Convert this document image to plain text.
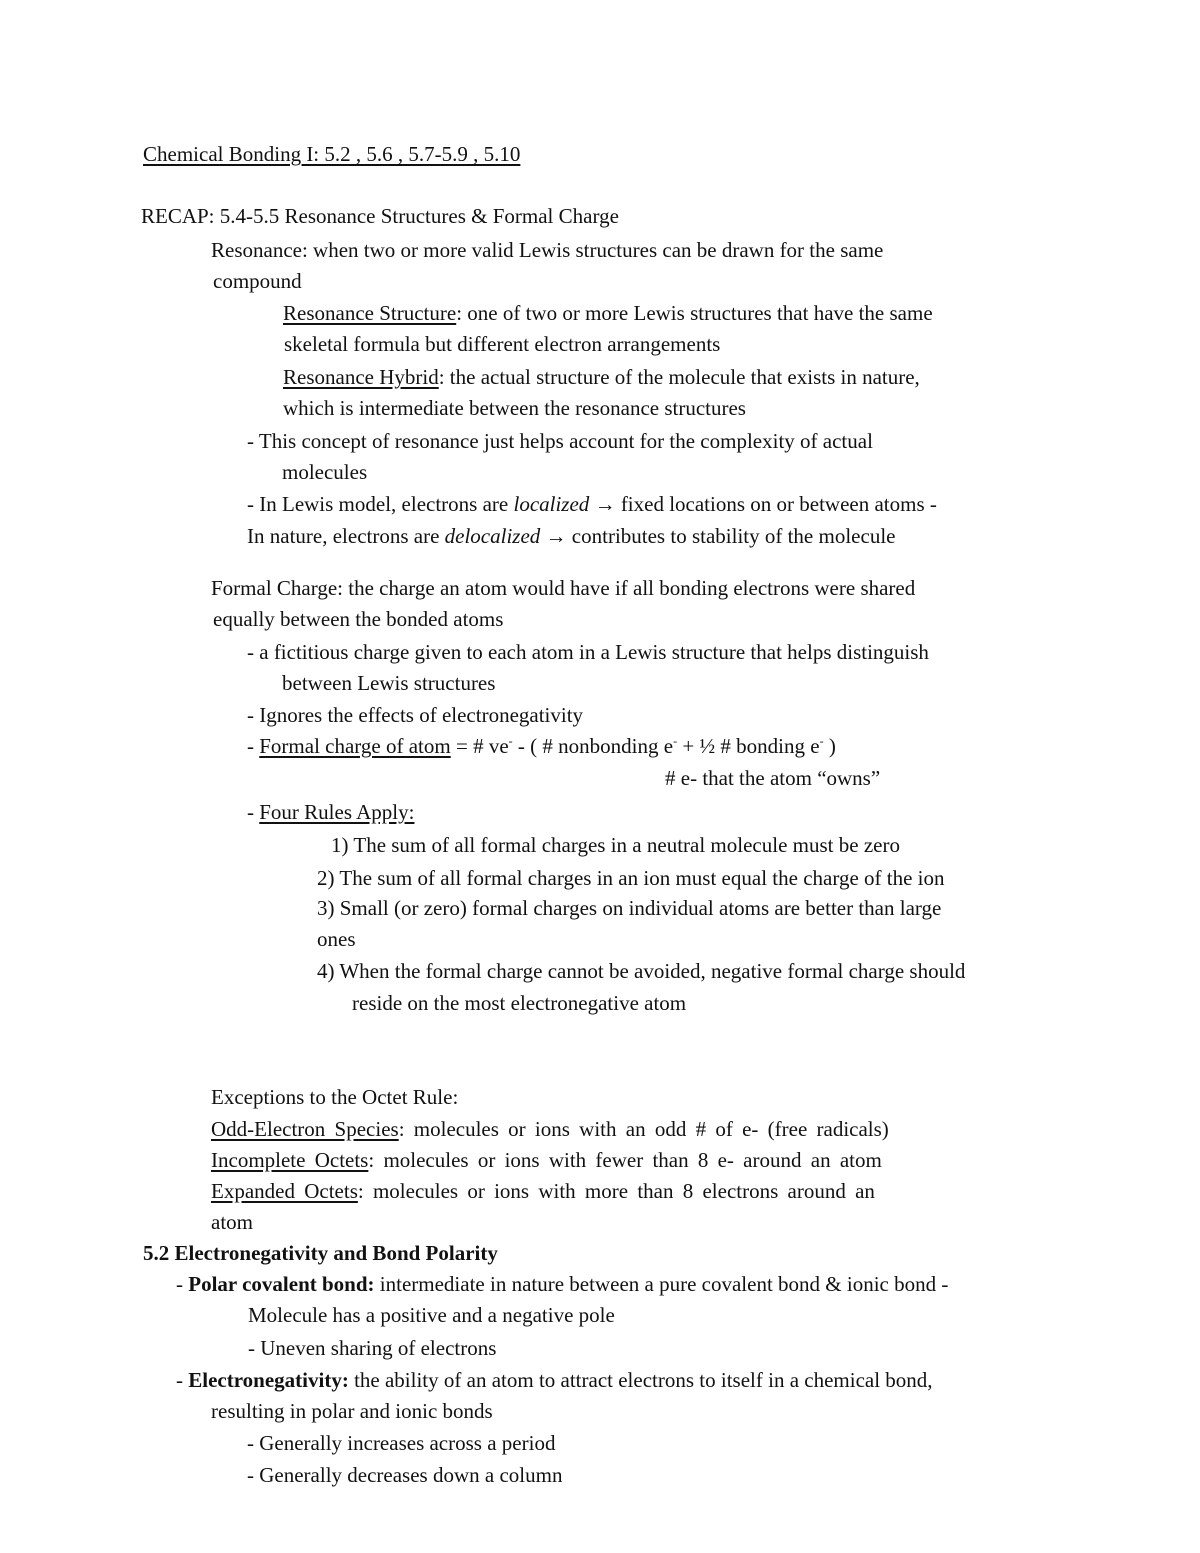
Chemical Bonding I: 5.2 , 5.6 , 5.7-5.9 , 5.10
RECAP: 5.4-5.5 Resonance Structures & Formal Charge
Resonance: when two or more valid Lewis structures can be drawn for the same
compound
Resonance Structure: one of two or more Lewis structures that have the same
skeletal formula but different electron arrangements
Resonance Hybrid: the actual structure of the molecule that exists in nature,
which is intermediate between the resonance structures
- This concept of resonance just helps account for the complexity of actual
molecules
- In Lewis model, electrons are localized → fixed locations on or between atoms -
In nature, electrons are delocalized → contributes to stability of the molecule
Formal Charge: the charge an atom would have if all bonding electrons were shared
equally between the bonded atoms
- a fictitious charge given to each atom in a Lewis structure that helps distinguish
between Lewis structures
- Ignores the effects of electronegativity
- Formal charge of atom = # ve- - ( # nonbonding e- + ½ # bonding e- )
# e- that the atom “owns”
- Four Rules Apply:
1) The sum of all formal charges in a neutral molecule must be zero
2) The sum of all formal charges in an ion must equal the charge of the ion
3) Small (or zero) formal charges on individual atoms are better than large
ones
4) When the formal charge cannot be avoided, negative formal charge should
reside on the most electronegative atom
Exceptions to the Octet Rule:
Odd-Electron Species: molecules or ions with an odd # of e- (free radicals)
Incomplete Octets: molecules or ions with fewer than 8 e- around an atom
Expanded Octets: molecules or ions with more than 8 electrons around an
atom
5.2 Electronegativity and Bond Polarity
- Polar covalent bond: intermediate in nature between a pure covalent bond & ionic bond -
Molecule has a positive and a negative pole
- Uneven sharing of electrons
- Electronegativity: the ability of an atom to attract electrons to itself in a chemical bond,
resulting in polar and ionic bonds
- Generally increases across a period
- Generally decreases down a column
